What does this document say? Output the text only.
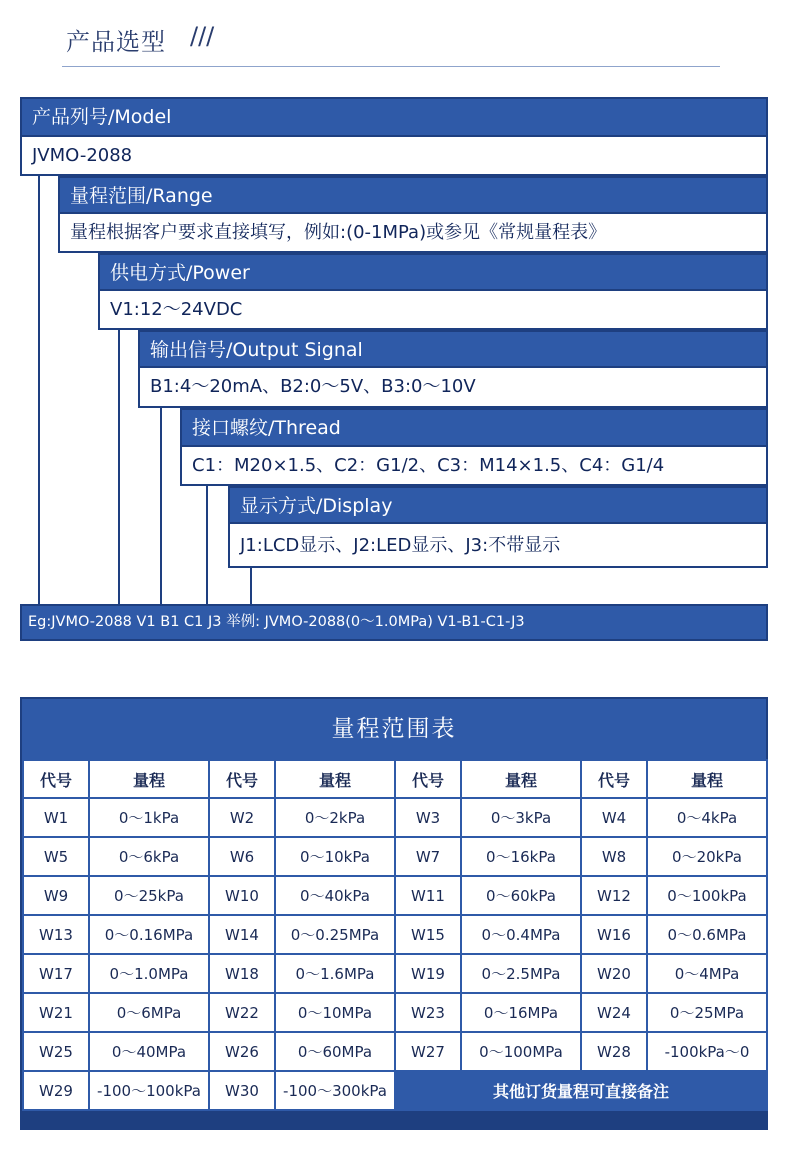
产品选型 ///
产品列号/Model
JVMO-2088
量程范围/Range
量程根据客户要求直接填写，例如:(0-1MPa)或参见《常规量程表》
供电方式/Power
V1:12～24VDC
输出信号/Output Signal
B1:4～20mA、B2:0～5V、B3:0～10V
接口螺纹/Thread
C1：M20×1.5、C2：G1/2、C3：M14×1.5、C4：G1/4
显示方式/Display
J1:LCD显示、J2:LED显示、J3:不带显示
Eg:JVMO-2088 V1 B1 C1 J3 举例: JVMO-2088(0～1.0MPa) V1-B1-C1-J3
量程范围表
代号	量程	代号	量程	代号	量程	代号	量程
W1	0～1kPa	W2	0～2kPa	W3	0～3kPa	W4	0～4kPa
W5	0～6kPa	W6	0～10kPa	W7	0～16kPa	W8	0～20kPa
W9	0～25kPa	W10	0～40kPa	W11	0～60kPa	W12	0～100kPa
W13	0～0.16MPa	W14	0～0.25MPa	W15	0～0.4MPa	W16	0～0.6MPa
W17	0～1.0MPa	W18	0～1.6MPa	W19	0～2.5MPa	W20	0～4MPa
W21	0～6MPa	W22	0～10MPa	W23	0～16MPa	W24	0～25MPa
W25	0～40MPa	W26	0～60MPa	W27	0～100MPa	W28	-100kPa～0
W29	-100～100kPa	W30	-100～300kPa	其他订货量程可直接备注			
